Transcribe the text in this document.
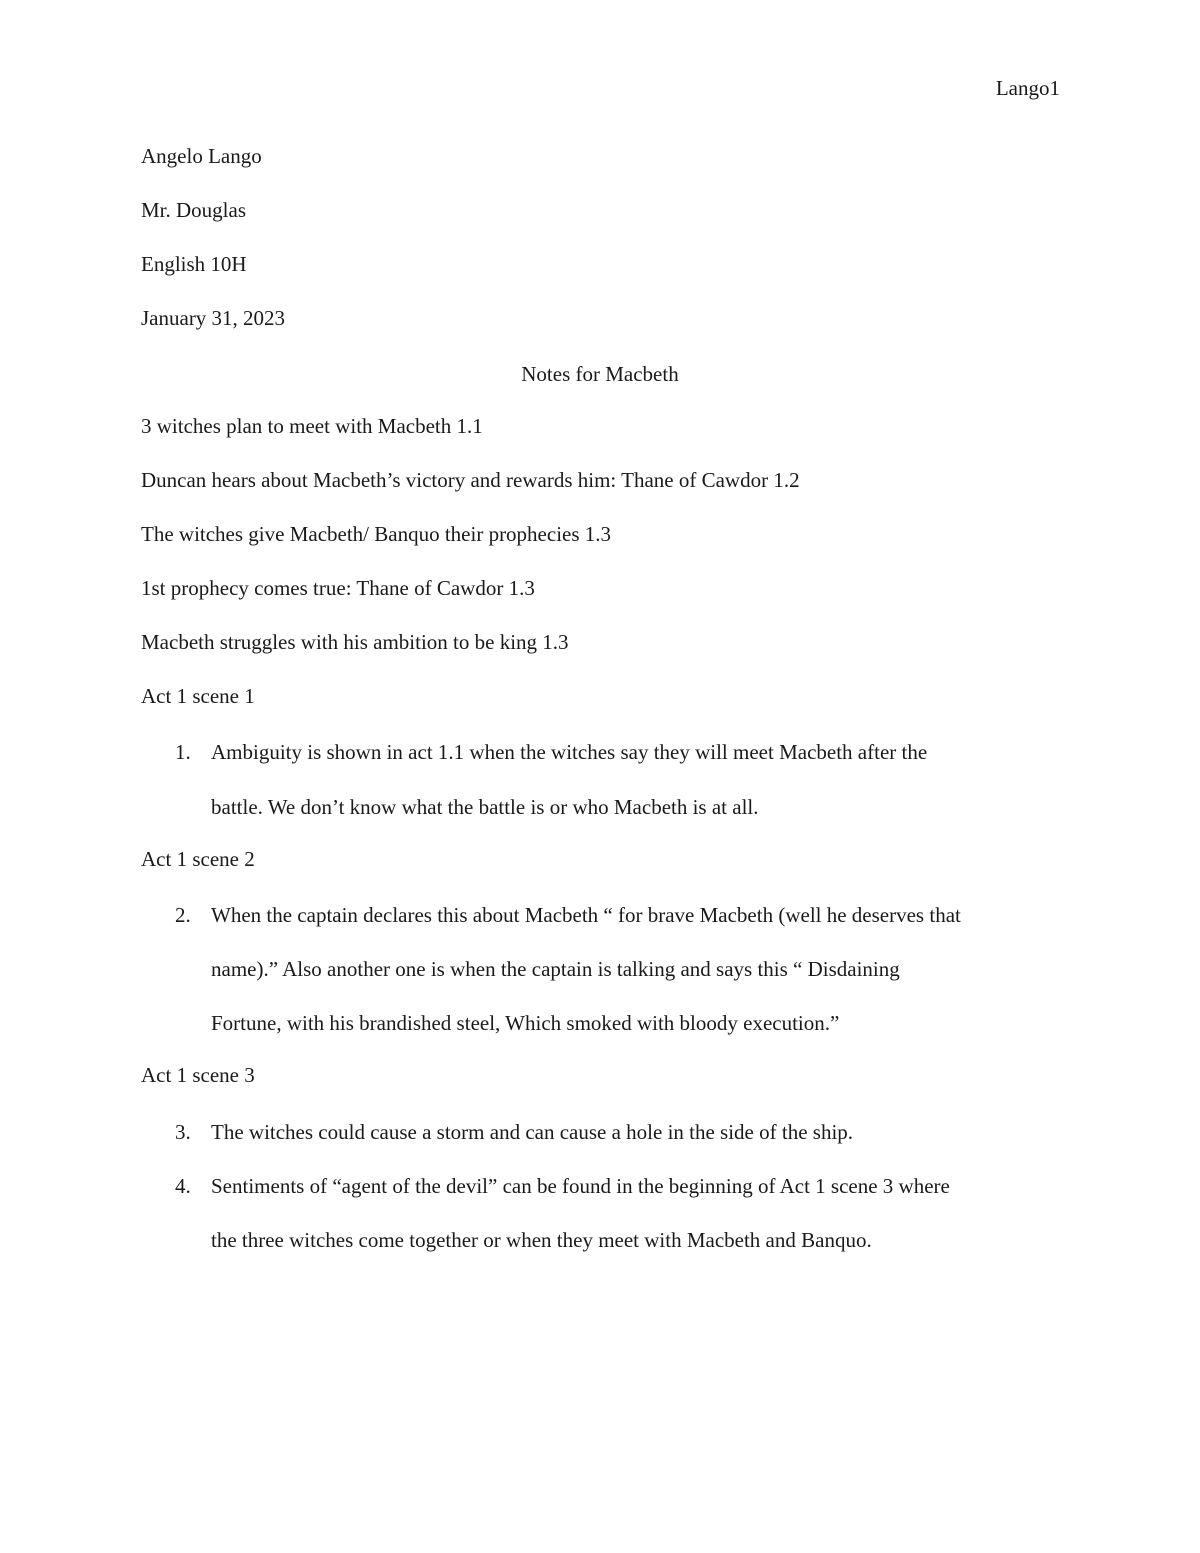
Lango1
Angelo Lango
Mr. Douglas
English 10H
January 31, 2023
Notes for Macbeth
3 witches plan to meet with Macbeth 1.1
Duncan hears about Macbeth’s victory and rewards him: Thane of Cawdor 1.2
The witches give Macbeth/ Banquo their prophecies 1.3
1st prophecy comes true: Thane of Cawdor 1.3
Macbeth struggles with his ambition to be king 1.3
Act 1 scene 1
1. Ambiguity is shown in act 1.1 when the witches say they will meet Macbeth after the
battle. We don’t know what the battle is or who Macbeth is at all.
Act 1 scene 2
2. When the captain declares this about Macbeth “ for brave Macbeth (well he deserves that
name).” Also another one is when the captain is talking and says this “ Disdaining
Fortune, with his brandished steel, Which smoked with bloody execution.”
Act 1 scene 3
3. The witches could cause a storm and can cause a hole in the side of the ship.
4. Sentiments of “agent of the devil” can be found in the beginning of Act 1 scene 3 where
the three witches come together or when they meet with Macbeth and Banquo.
